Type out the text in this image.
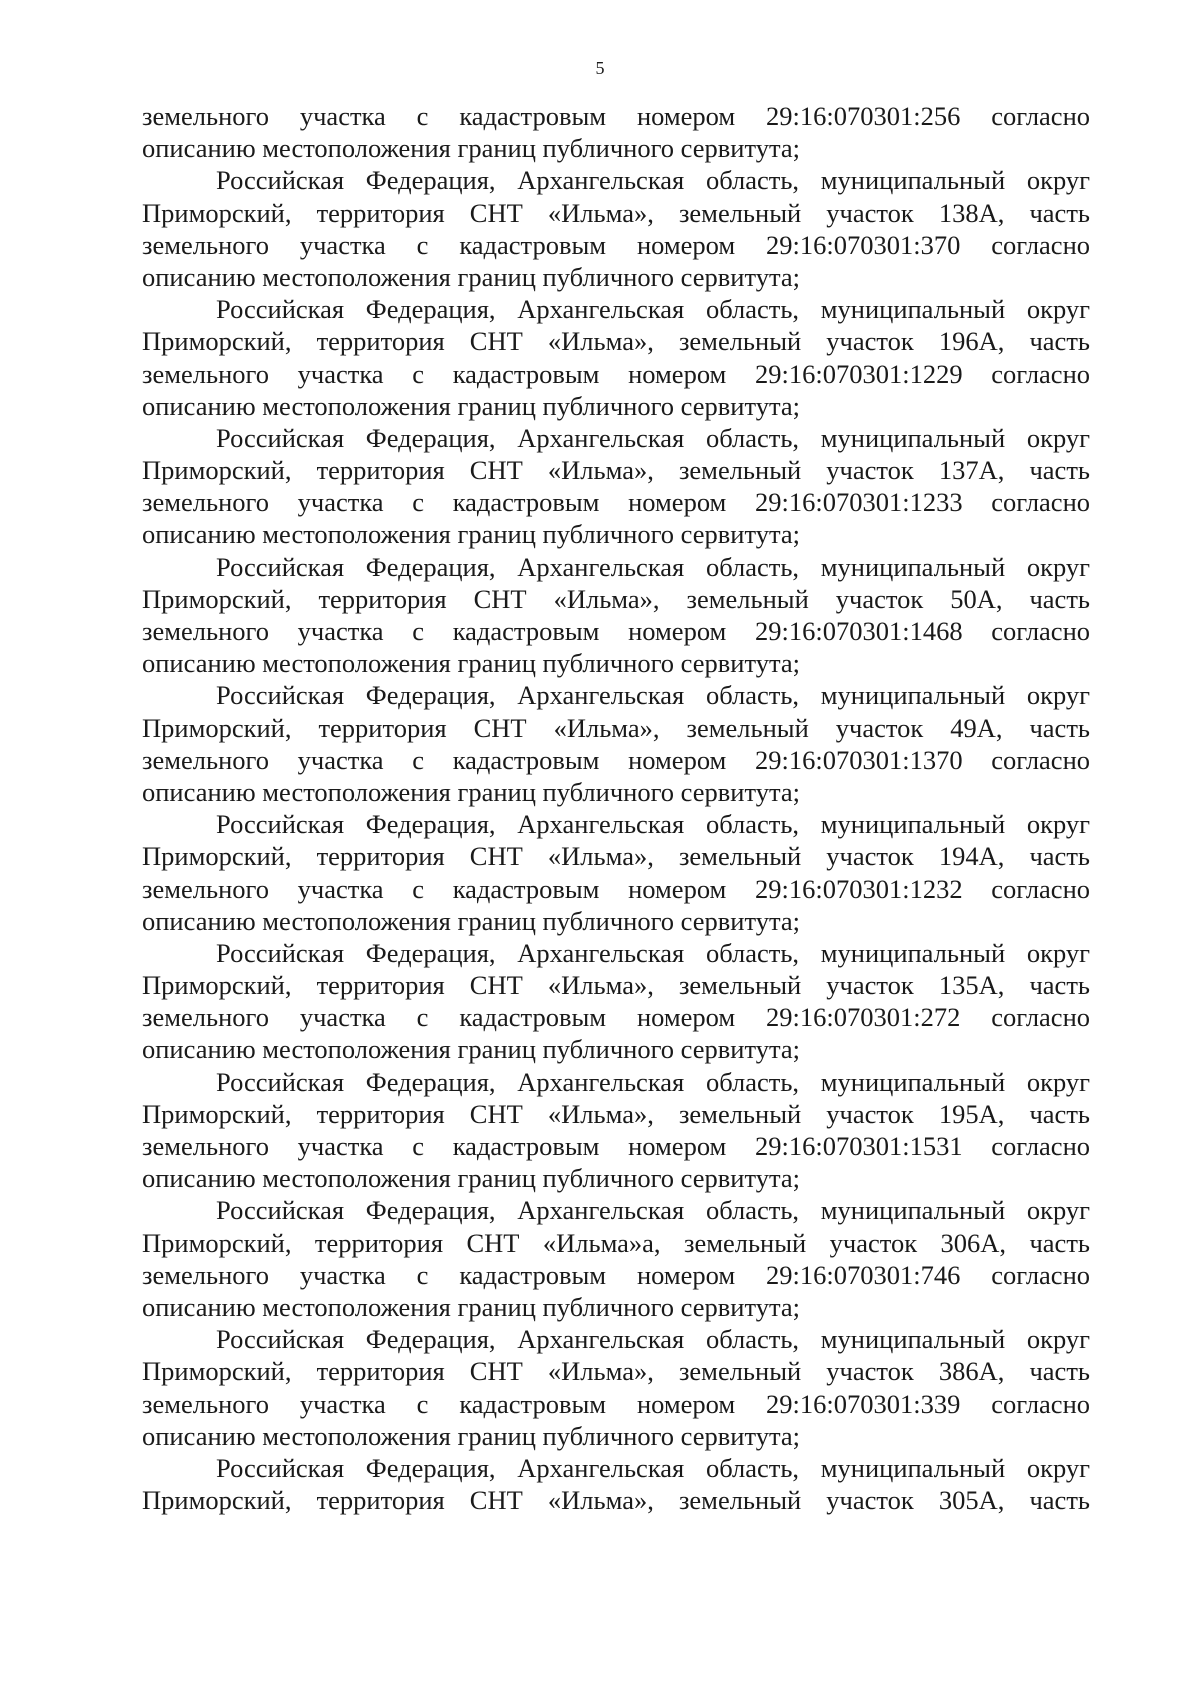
5
земельного участка с кадастровым номером 29:16:070301:256 согласно
описанию местоположения границ публичного сервитута;
Российская Федерация, Архангельская область, муниципальный округ
Приморский, территория СНТ «Ильма», земельный участок 138А, часть
земельного участка с кадастровым номером 29:16:070301:370 согласно
описанию местоположения границ публичного сервитута;
Российская Федерация, Архангельская область, муниципальный округ
Приморский, территория СНТ «Ильма», земельный участок 196А, часть
земельного участка с кадастровым номером 29:16:070301:1229 согласно
описанию местоположения границ публичного сервитута;
Российская Федерация, Архангельская область, муниципальный округ
Приморский, территория СНТ «Ильма», земельный участок 137А, часть
земельного участка с кадастровым номером 29:16:070301:1233 согласно
описанию местоположения границ публичного сервитута;
Российская Федерация, Архангельская область, муниципальный округ
Приморский, территория СНТ «Ильма», земельный участок 50А, часть
земельного участка с кадастровым номером 29:16:070301:1468 согласно
описанию местоположения границ публичного сервитута;
Российская Федерация, Архангельская область, муниципальный округ
Приморский, территория СНТ «Ильма», земельный участок 49А, часть
земельного участка с кадастровым номером 29:16:070301:1370 согласно
описанию местоположения границ публичного сервитута;
Российская Федерация, Архангельская область, муниципальный округ
Приморский, территория СНТ «Ильма», земельный участок 194А, часть
земельного участка с кадастровым номером 29:16:070301:1232 согласно
описанию местоположения границ публичного сервитута;
Российская Федерация, Архангельская область, муниципальный округ
Приморский, территория СНТ «Ильма», земельный участок 135А, часть
земельного участка с кадастровым номером 29:16:070301:272 согласно
описанию местоположения границ публичного сервитута;
Российская Федерация, Архангельская область, муниципальный округ
Приморский, территория СНТ «Ильма», земельный участок 195А, часть
земельного участка с кадастровым номером 29:16:070301:1531 согласно
описанию местоположения границ публичного сервитута;
Российская Федерация, Архангельская область, муниципальный округ
Приморский, территория СНТ «Ильма»а, земельный участок 306А, часть
земельного участка с кадастровым номером 29:16:070301:746 согласно
описанию местоположения границ публичного сервитута;
Российская Федерация, Архангельская область, муниципальный округ
Приморский, территория СНТ «Ильма», земельный участок 386А, часть
земельного участка с кадастровым номером 29:16:070301:339 согласно
описанию местоположения границ публичного сервитута;
Российская Федерация, Архангельская область, муниципальный округ
Приморский, территория СНТ «Ильма», земельный участок 305А, часть
